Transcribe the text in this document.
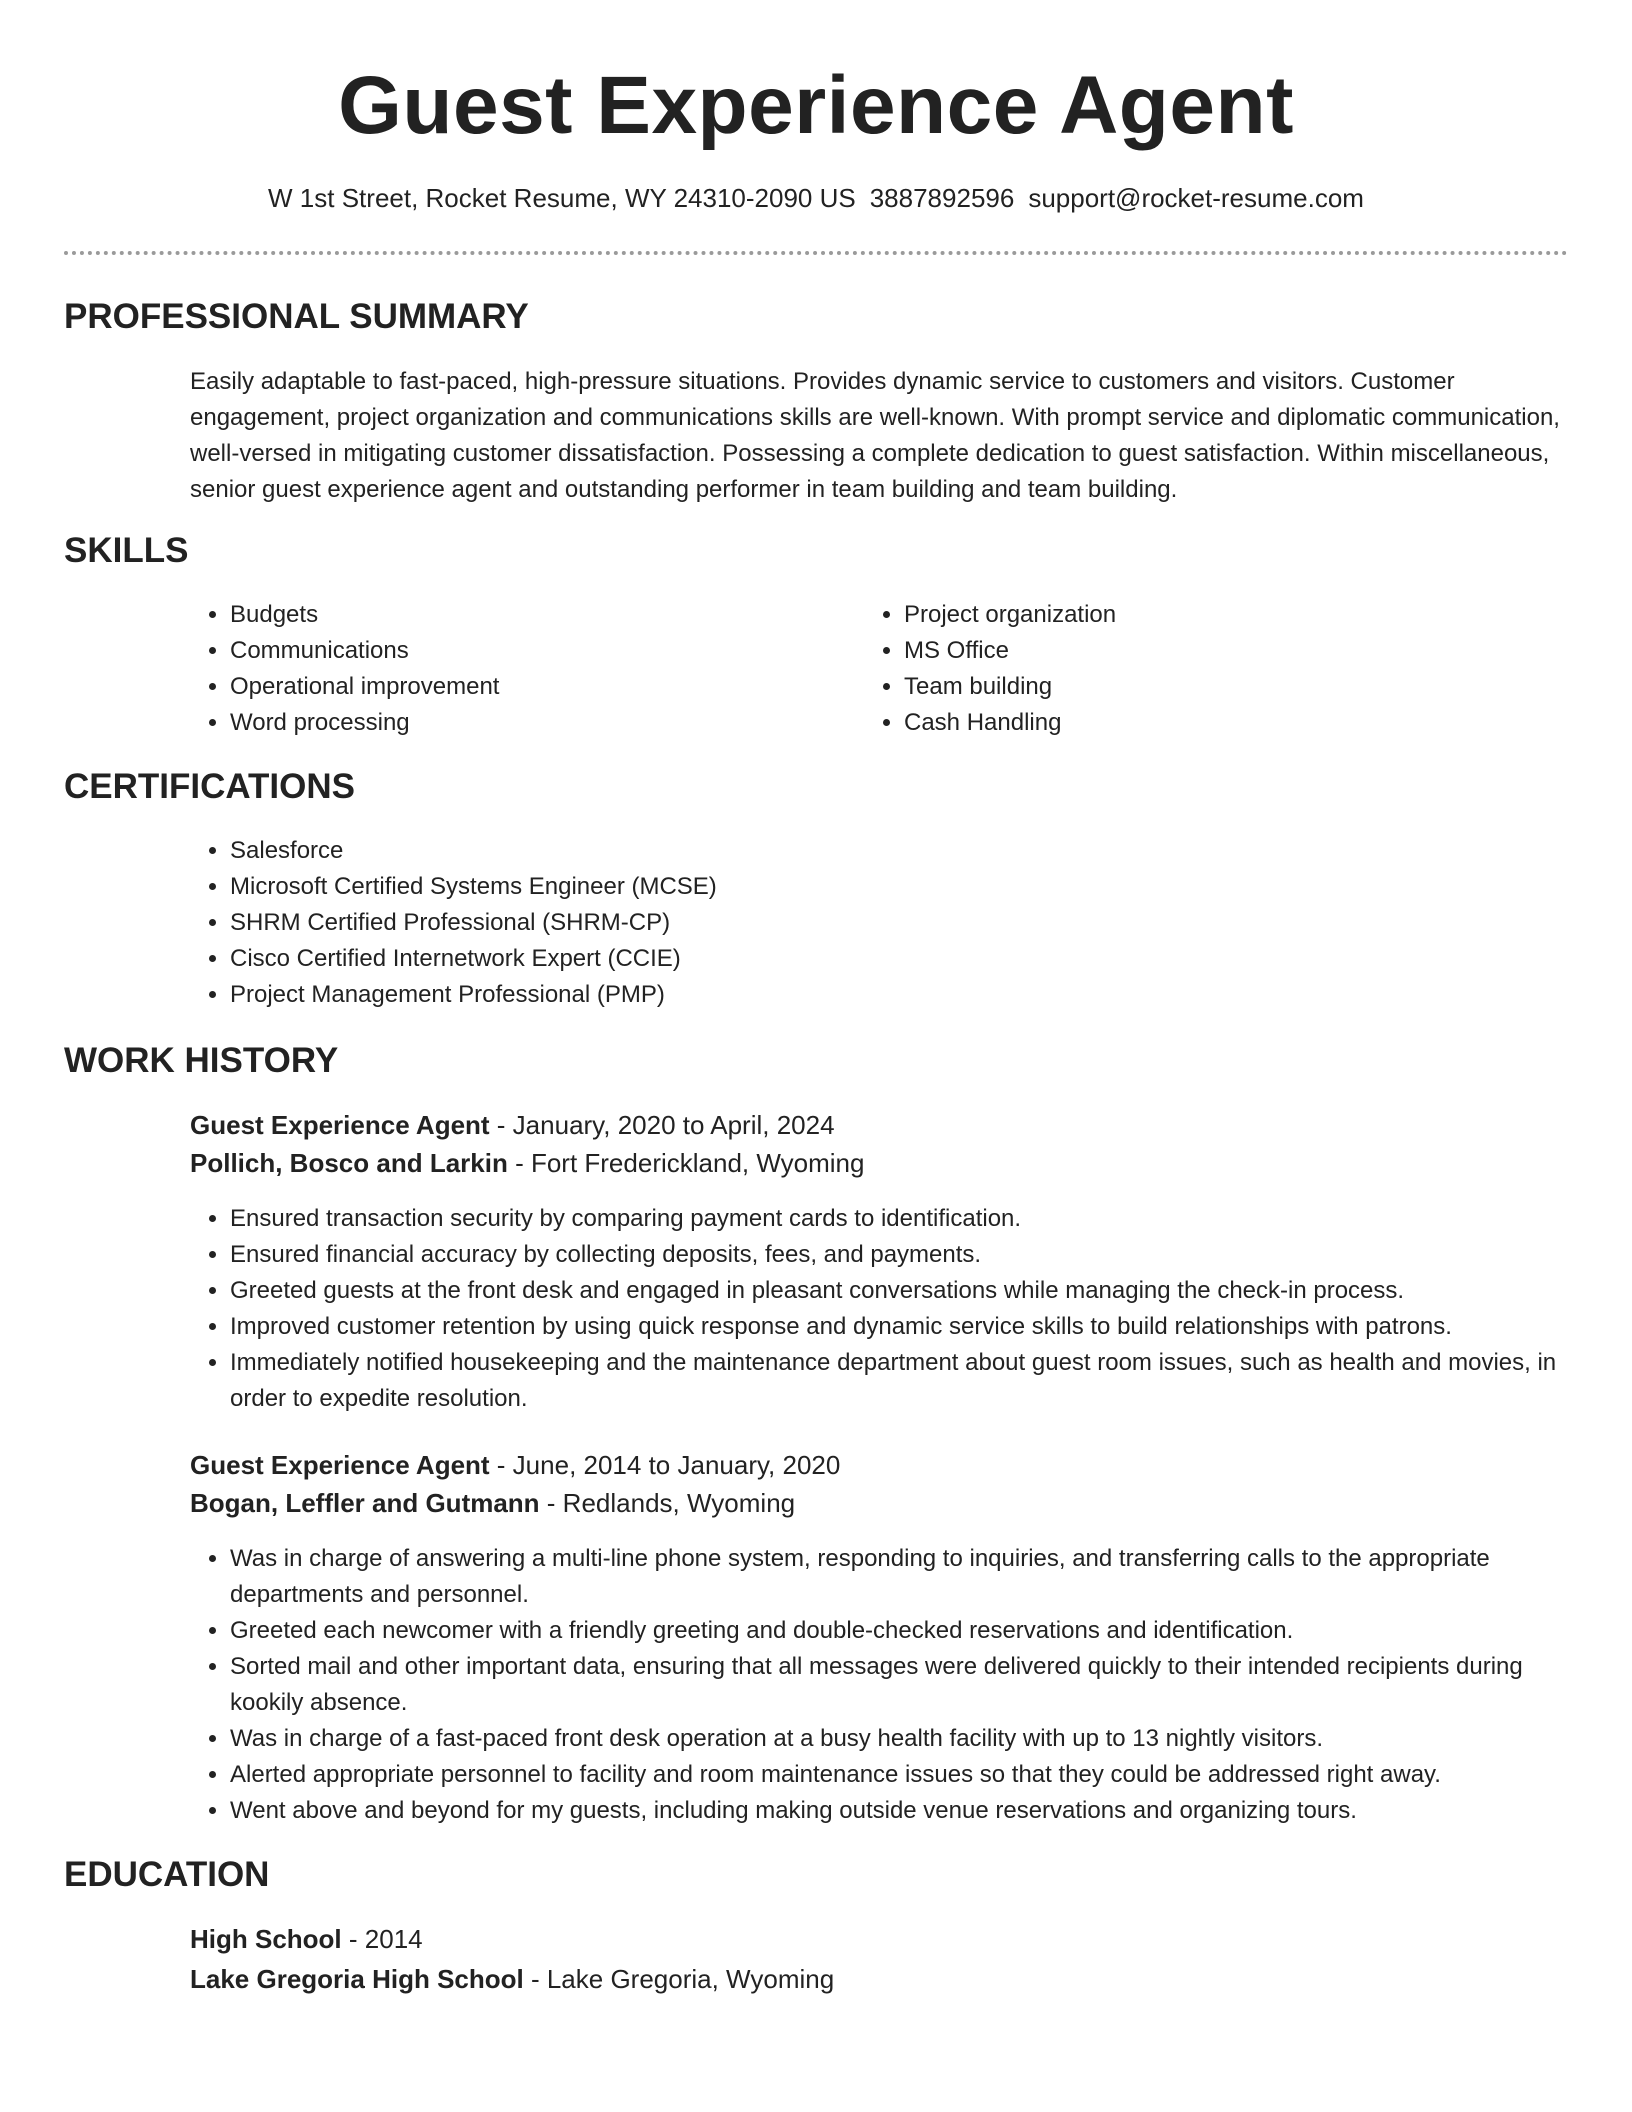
Guest Experience Agent
W 1st Street, Rocket Resume, WY 24310-2090 US 3887892596 support@rocket-resume.com
PROFESSIONAL SUMMARY
Easily adaptable to fast-paced, high-pressure situations. Provides dynamic service to customers and visitors. Customer engagement, project organization and communications skills are well-known. With prompt service and diplomatic communication, well-versed in mitigating customer dissatisfaction. Possessing a complete dedication to guest satisfaction. Within miscellaneous, senior guest experience agent and outstanding performer in team building and team building.
SKILLS
• Budgets
• Communications
• Operational improvement
• Word processing
• Project organization
• MS Office
• Team building
• Cash Handling
CERTIFICATIONS
• Salesforce
• Microsoft Certified Systems Engineer (MCSE)
• SHRM Certified Professional (SHRM-CP)
• Cisco Certified Internetwork Expert (CCIE)
• Project Management Professional (PMP)
WORK HISTORY
Guest Experience Agent - January, 2020 to April, 2024
Pollich, Bosco and Larkin - Fort Frederickland, Wyoming
• Ensured transaction security by comparing payment cards to identification.
• Ensured financial accuracy by collecting deposits, fees, and payments.
• Greeted guests at the front desk and engaged in pleasant conversations while managing the check-in process.
• Improved customer retention by using quick response and dynamic service skills to build relationships with patrons.
• Immediately notified housekeeping and the maintenance department about guest room issues, such as health and movies, in order to expedite resolution.
Guest Experience Agent - June, 2014 to January, 2020
Bogan, Leffler and Gutmann - Redlands, Wyoming
• Was in charge of answering a multi-line phone system, responding to inquiries, and transferring calls to the appropriate departments and personnel.
• Greeted each newcomer with a friendly greeting and double-checked reservations and identification.
• Sorted mail and other important data, ensuring that all messages were delivered quickly to their intended recipients during kookily absence.
• Was in charge of a fast-paced front desk operation at a busy health facility with up to 13 nightly visitors.
• Alerted appropriate personnel to facility and room maintenance issues so that they could be addressed right away.
• Went above and beyond for my guests, including making outside venue reservations and organizing tours.
EDUCATION
High School - 2014
Lake Gregoria High School - Lake Gregoria, Wyoming
